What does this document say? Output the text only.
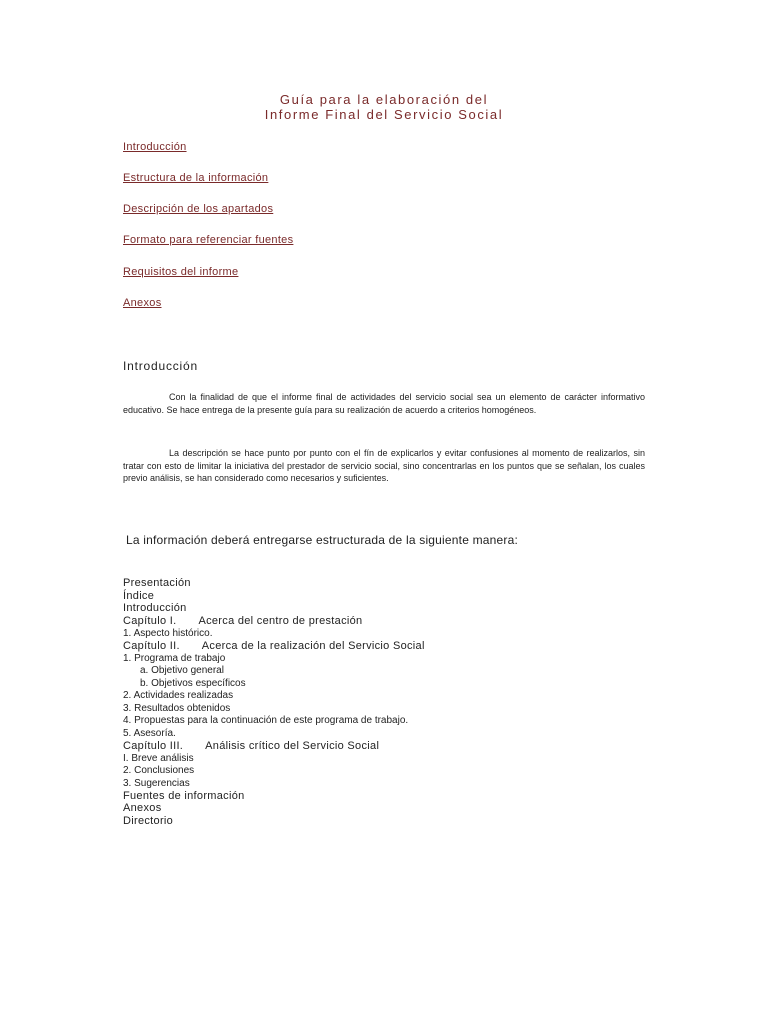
Guía para la elaboración del
Informe Final del Servicio Social
Introducción
Estructura de la información
Descripción de los apartados
Formato para referenciar fuentes
Requisitos del informe
Anexos
Introducción
Con la finalidad de que el informe final de actividades del servicio social sea un elemento de carácter informativo educativo. Se hace entrega de la presente guía para su realización de acuerdo a criterios homogéneos.
La descripción se hace punto por punto con el fín de explicarlos y evitar confusiones al momento de realizarlos, sin tratar con esto de limitar la iniciativa del prestador de servicio social, sino concentrarlas en los puntos que se señalan, los cuales previo análisis, se han considerado como necesarios y suficientes.
La información deberá entregarse estructurada de la siguiente manera:
Presentación
Índice
Introducción
Capítulo I. Acerca del centro de prestación
1. Aspecto histórico.
Capítulo II. Acerca de la realización del Servicio Social
1. Programa de trabajo
a. Objetivo general
b. Objetivos específicos
2. Actividades realizadas
3. Resultados obtenidos
4. Propuestas para la continuación de este programa de trabajo.
5. Asesoría.
Capítulo III. Análisis crítico del Servicio Social
I. Breve análisis
2. Conclusiones
3. Sugerencias
Fuentes de información
Anexos
Directorio
